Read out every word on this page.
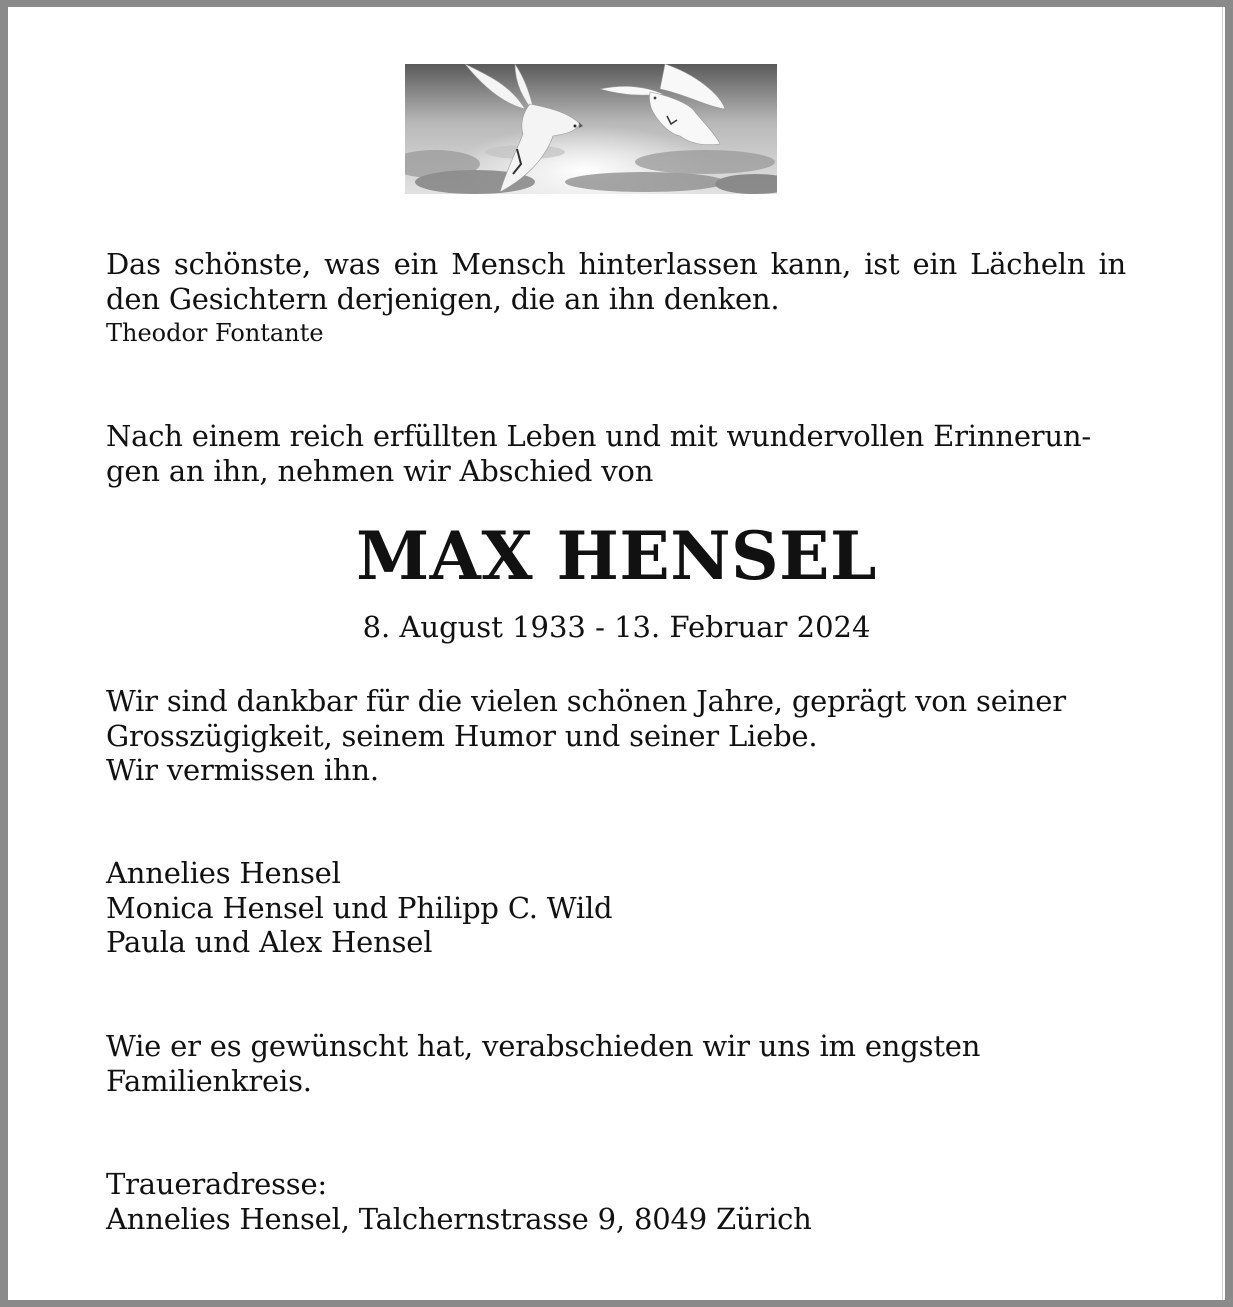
Das schönste, was ein Mensch hinterlassen kann, ist ein Lächeln in den Gesichtern derjenigen, die an ihn denken.
Theodor Fontante
Nach einem reich erfüllten Leben und mit wundervollen Erinnerun-
gen an ihn, nehmen wir Abschied von
MAX HENSEL
8. August 1933 - 13. Februar 2024
Wir sind dankbar für die vielen schönen Jahre, geprägt von seiner
Grosszügigkeit, seinem Humor und seiner Liebe.
Wir vermissen ihn.
Annelies Hensel
Monica Hensel und Philipp C. Wild
Paula und Alex Hensel
Wie er es gewünscht hat, verabschieden wir uns im engsten
Familienkreis.
Traueradresse:
Annelies Hensel, Talchernstrasse 9, 8049 Zürich
